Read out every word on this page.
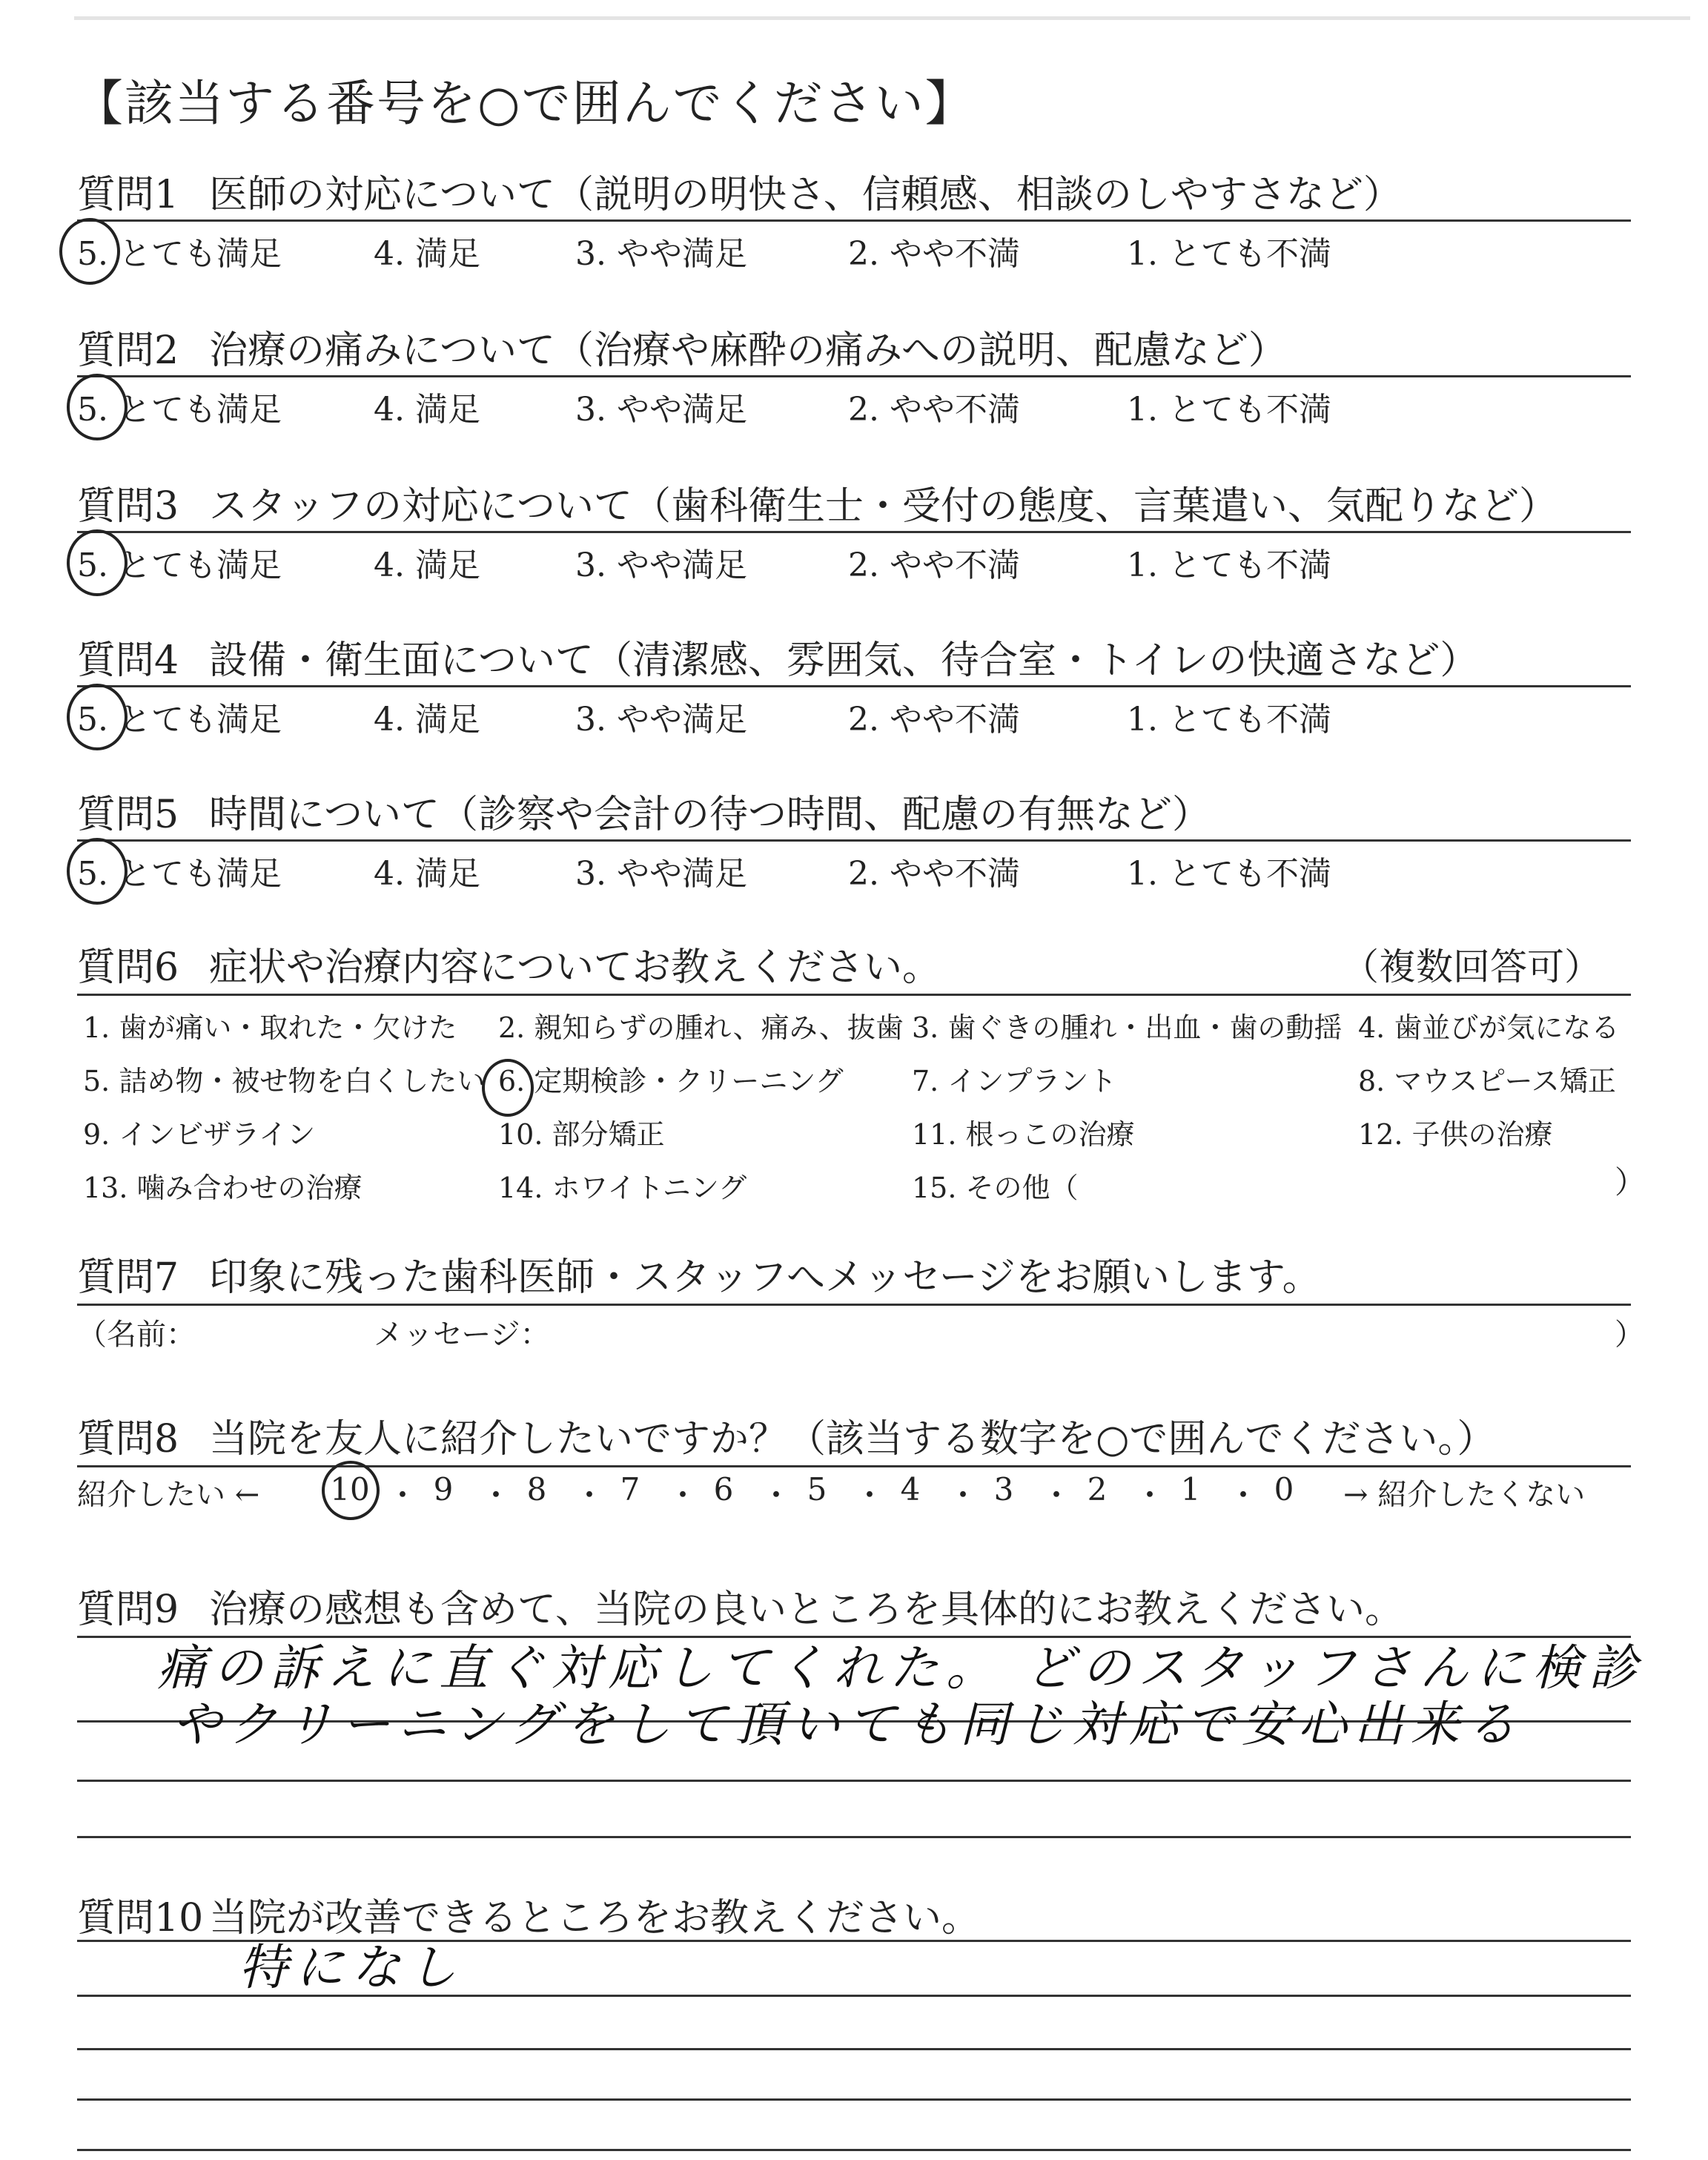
【該当する番号を○で囲んでください】
質問1 医師の対応について（説明の明快さ、信頼感、相談のしやすさなど）
5. とても満足	4. 満足	3. やや満足	2. やや不満	1. とても不満
質問2 治療の痛みについて（治療や麻酔の痛みへの説明、配慮など）
5. とても満足	4. 満足	3. やや満足	2. やや不満	1. とても不満
質問3 スタッフの対応について（歯科衛生士・受付の態度、言葉遣い、気配りなど）
5. とても満足	4. 満足	3. やや満足	2. やや不満	1. とても不満
質問4 設備・衛生面について（清潔感、雰囲気、待合室・トイレの快適さなど）
5. とても満足	4. 満足	3. やや満足	2. やや不満	1. とても不満
質問5 時間について（診察や会計の待つ時間、配慮の有無など）
5. とても満足	4. 満足	3. やや満足	2. やや不満	1. とても不満
質問6 症状や治療内容についてお教えください。	（複数回答可）
1. 歯が痛い・取れた・欠けた 2. 親知らずの腫れ、痛み、抜歯 3. 歯ぐきの腫れ・出血・歯の動揺 4. 歯並びが気になる
5. 詰め物・被せ物を白くしたい 6. 定期検診・クリーニング 7. インプラント	8. マウスピース矯正
9. インビザライン	10. 部分矯正	11. 根っこの治療	12. 子供の治療
13. 噛み合わせの治療	14. ホワイトニング	15. その他（	）
質問7 印象に残った歯科医師・スタッフへメッセージをお願いします。
（名前：	メッセージ：	）
質問8 当院を友人に紹介したいですか？（該当する数字を○で囲んでください。）
紹介したい ← 10 ・ 9 ・ 8 ・ 7 ・ 6 ・ 5 ・ 4 ・ 3 ・ 2 ・ 1 ・ 0	→ 紹介したくない
質問9 治療の感想も含めて、当院の良いところを具体的にお教えください。
痛の訴えに直ぐ対応してくれた。 どのスタッフさんに検診
やクリーニングをして頂いても同じ対応で安心出来る
質問10 当院が改善できるところをお教えください。
特になし
